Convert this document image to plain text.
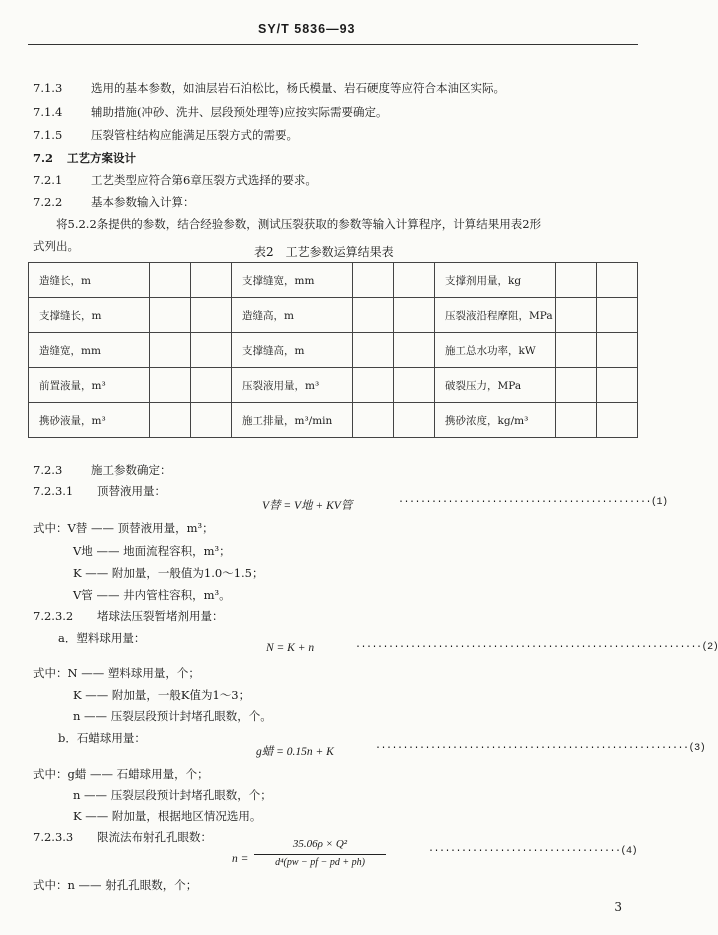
SY/T 5836—93
7.1.3 选用的基本参数，如油层岩石泊松比，杨氏模量、岩石硬度等应符合本油区实际。
7.1.4 辅助措施(冲砂、洗井、层段预处理等)应按实际需要确定。
7.1.5 压裂管柱结构应能满足压裂方式的需要。
7.2 工艺方案设计
7.2.1 工艺类型应符合第6章压裂方式选择的要求。
7.2.2 基本参数输入计算：
将5.2.2条提供的参数，结合经验参数，测试压裂获取的参数等输入计算程序，计算结果用表2形
式列出。	表2　工艺参数运算结果表
造缝长，m			支撑缝宽，mm			支撑剂用量，kg		
支撑缝长，m			造缝高，m			压裂液沿程摩阻，MPa		
造缝宽，mm			支撑缝高，m			施工总水功率，kW		
前置液量，m³			压裂液用量，m³			破裂压力，MPa		
携砂液量，m³			施工排量，m³/min			携砂浓度，kg/m³		
7.2.3 施工参数确定：
7.2.3.1 顶替液用量：
V替 = V地 + KV管	··············································(1)
式中：V替 —— 顶替液用量，m³；
V地 —— 地面流程容积，m³；
K —— 附加量，一般值为1.0～1.5；
V管 —— 井内管柱容积，m³。
7.2.3.2 堵球法压裂暂堵剂用量：
a．塑料球用量：
N = K + n	·······························································(2)
式中：N —— 塑料球用量，个；
K —— 附加量，一般K值为1～3；
n —— 压裂层段预计封堵孔眼数，个。
b．石蜡球用量：
g蜡 = 0.15n + K	·························································(3)
式中：g蜡 —— 石蜡球用量，个；
n —— 压裂层段预计封堵孔眼数，个；
K —— 附加量，根据地区情况选用。
7.2.3.3 限流法布射孔孔眼数：
n =
35.06ρ × Q²
d⁴(pw − pf − pd + ph)
···································(4)
式中：n —— 射孔孔眼数，个；
3
